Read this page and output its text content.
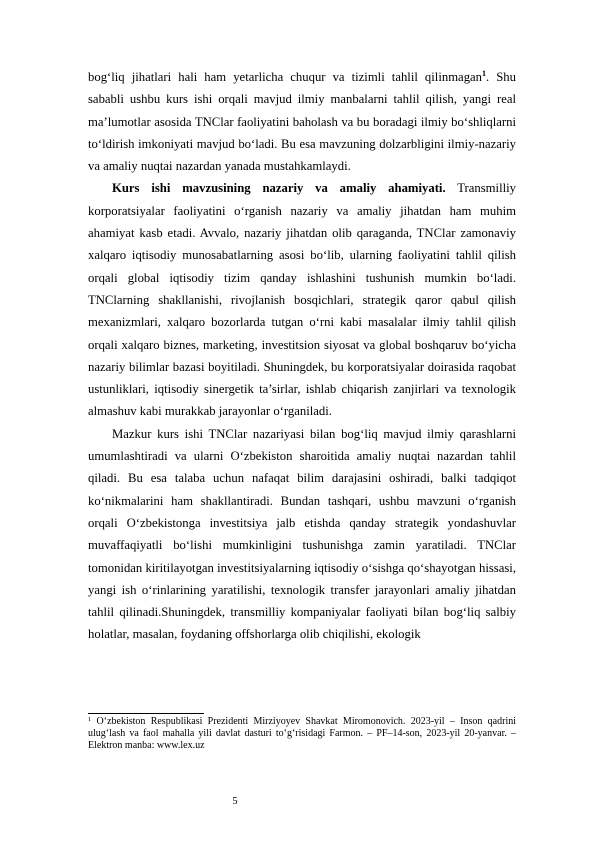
bog‘liq jihatlari hali ham yetarlicha chuqur va tizimli tahlil qilinmagan$^1$. Shu sababli ushbu kurs ishi orqali mavjud ilmiy manbalarni tahlil qilish, yangi real ma’lumotlar asosida TNClar faoliyatini baholash va bu boradagi ilmiy bo‘shliqlarni to‘ldirish imkoniyati mavjud bo‘ladi. Bu esa mavzuning dolzarbligini ilmiy-nazariy va amaliy nuqtai nazardan yanada mustahkamlaydi.

Kurs ishi mavzusining nazariy va amaliy ahamiyati. Transmilliy korporatsiyalar faoliyatini o‘rganish nazariy va amaliy jihatdan ham muhim ahamiyat kasb etadi. Avvalo, nazariy jihatdan olib qaraganda, TNClar zamonaviy xalqaro iqtisodiy munosabatlarning asosi bo‘lib, ularning faoliyatini tahlil qilish orqali global iqtisodiy tizim qanday ishlashini tushunish mumkin bo‘ladi. TNClarning shakllanishi, rivojlanish bosqichlari, strategik qaror qabul qilish mexanizmlari, xalqaro bozorlarda tutgan o‘rni kabi masalalar ilmiy tahlil qilish orqali xalqaro biznes, marketing, investitsion siyosat va global boshqaruv bo‘yicha nazariy bilimlar bazasi boyitiladi. Shuningdek, bu korporatsiyalar doirasida raqobat ustunliklari, iqtisodiy sinergetik ta’sirlar, ishlab chiqarish zanjirlari va texnologik almashuv kabi murakkab jarayonlar o‘rganiladi.

Mazkur kurs ishi TNClar nazariyasi bilan bog‘liq mavjud ilmiy qarashlarni umumlashtiradi va ularni O‘zbekiston sharoitida amaliy nuqtai nazardan tahlil qiladi. Bu esa talaba uchun nafaqat bilim darajasini oshiradi, balki tadqiqot ko‘nikmalarini ham shakllantiradi. Bundan tashqari, ushbu mavzuni o‘rganish orqali O‘zbekistonga investitsiya jalb etishda qanday strategik yondashuvlar muvaffaqiyatli bo‘lishi mumkinligini tushunishga zamin yaratiladi. TNClar tomonidan kiritilayotgan investitsiyalarning iqtisodiy o‘sishga qo‘shayotgan hissasi, yangi ish o‘rinlarining yaratilishi, texnologik transfer jarayonlari amaliy jihatdan tahlil qilinadi.Shuningdek, transmilliy kompaniyalar faoliyati bilan bog‘liq salbiy holatlar, masalan, foydaning offshorlarga olib chiqilishi, ekologik

$^1$ O‘zbekiston Respublikasi Prezidenti Mirziyoyev Shavkat Miromonovich. 2023-yil – Inson qadrini ulug‘lash va faol mahalla yili davlat dasturi to‘g‘risidagi Farmon. – PF–14-son, 2023-yil 20-yanvar. – Elektron manba: www.lex.uz

5
